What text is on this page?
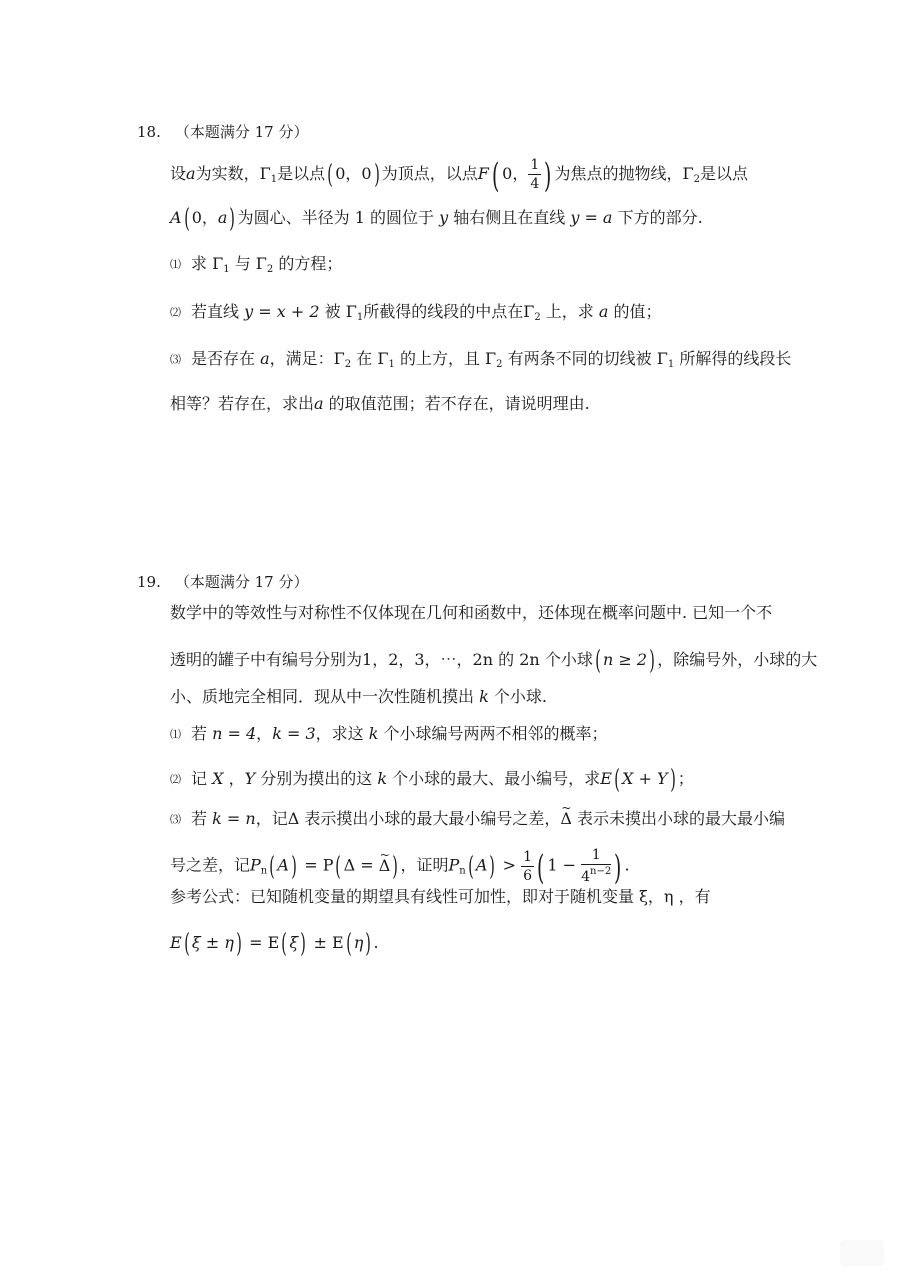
18. （本题满分 17 分）
设a为实数，$\Gamma_1$是以点( 0，0) 为顶点，以点F( 0， $\frac{1}{4}$ ) 为焦点的抛物线，$\Gamma_2$是以点
A( 0，a) 为圆心、半径为 1 的圆位于 y 轴右侧且在直线 y = a 下方的部分.
⑴ 求 $\Gamma_1$ 与 $\Gamma_2$ 的方程；
⑵ 若直线 y = x + 2 被 $\Gamma_1$所截得的线段的中点在$\Gamma_2$ 上，求 a 的值；
⑶ 是否存在 a，满足：$\Gamma_2$ 在 $\Gamma_1$ 的上方，且 $\Gamma_2$ 有两条不同的切线被 $\Gamma_1$ 所解得的线段长
相等？若存在，求出a 的取值范围；若不存在，请说明理由.
19. （本题满分 17 分）
数学中的等效性与对称性不仅体现在几何和函数中，还体现在概率问题中. 已知一个不
透明的罐子中有编号分别为1，2，3，⋯，2n 的 2n 个小球( n ≥ 2) ，除编号外，小球的大
小、质地完全相同．现从中一次性随机摸出 k 个小球.
⑴ 若 n = 4，k = 3，求这 k 个小球编号两两不相邻的概率；
⑵ 记 X ，Y 分别为摸出的这 k 个小球的最大、最小编号，求E( X + Y) ；
⑶ 若 k = n，记Δ 表示摸出小球的最大最小编号之差，~ Δ 表示未摸出小球的最大最小编
号之差，记$P_n$( A) = P( Δ = ~ Δ) ，证明$P_n$( $A) > \frac{1}{6}$ ( $1 - \frac{1}{4^{n-2}}$ ) .
参考公式：已知随机变量的期望具有线性可加性，即对于随机变量 ξ，η ，有
E( ξ ± η) = E( ξ) ± E( η) .
